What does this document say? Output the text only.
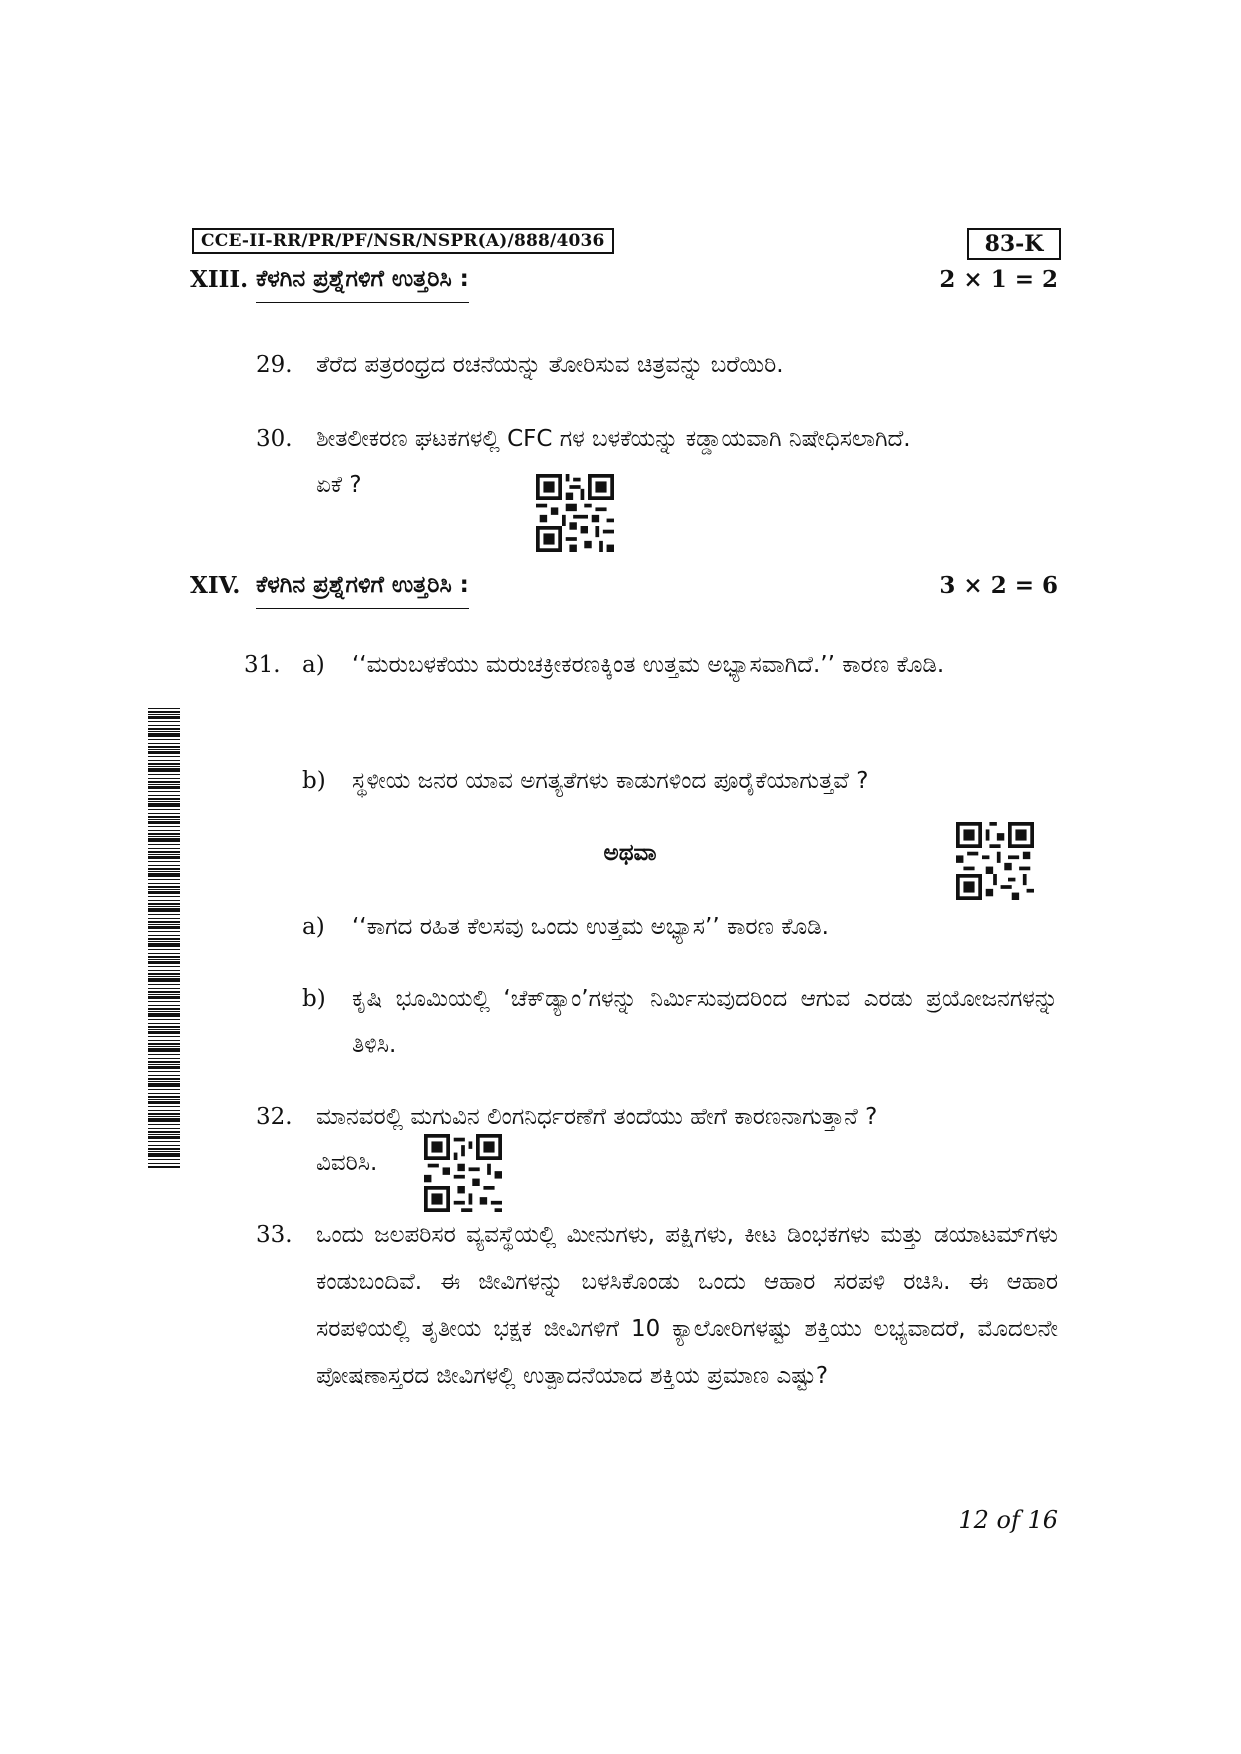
CCE-II-RR/PR/PF/NSR/NSPR(A)/888/4036	83-K
XIII. ಕೆಳಗಿನ ಪ್ರಶ್ನೆಗಳಿಗೆ ಉತ್ತರಿಸಿ :	2 × 1 = 2
29. ತೆರೆದ ಪತ್ರರಂಧ್ರದ ರಚನೆಯನ್ನು ತೋರಿಸುವ ಚಿತ್ರವನ್ನು ಬರೆಯಿರಿ.
30. ಶೀತಲೀಕರಣ ಘಟಕಗಳಲ್ಲಿ CFC ಗಳ ಬಳಕೆಯನ್ನು ಕಡ್ಡಾಯವಾಗಿ ನಿಷೇಧಿಸಲಾಗಿದೆ.
ಏಕೆ ?
XIV. ಕೆಳಗಿನ ಪ್ರಶ್ನೆಗಳಿಗೆ ಉತ್ತರಿಸಿ :	3 × 2 = 6
31. a) ‘‘ಮರುಬಳಕೆಯು ಮರುಚಕ್ರೀಕರಣಕ್ಕಿಂತ ಉತ್ತಮ ಅಭ್ಯಾಸವಾಗಿದೆ.’’ ಕಾರಣ ಕೊಡಿ.
b) ಸ್ಥಳೀಯ ಜನರ ಯಾವ ಅಗತ್ಯತೆಗಳು ಕಾಡುಗಳಿಂದ ಪೂರೈಕೆಯಾಗುತ್ತವೆ ?
ಅಥವಾ
a) ‘‘ಕಾಗದ ರಹಿತ ಕೆಲಸವು ಒಂದು ಉತ್ತಮ ಅಭ್ಯಾಸ’’ ಕಾರಣ ಕೊಡಿ.
b) ಕೃಷಿ ಭೂಮಿಯಲ್ಲಿ ‘ಚೆಕ್‌ಡ್ಯಾಂ’ಗಳನ್ನು ನಿರ್ಮಿಸುವುದರಿಂದ ಆಗುವ ಎರಡು ಪ್ರಯೋಜನಗಳನ್ನು ತಿಳಿಸಿ.
32. ಮಾನವರಲ್ಲಿ ಮಗುವಿನ ಲಿಂಗನಿರ್ಧರಣೆಗೆ ತಂದೆಯು ಹೇಗೆ ಕಾರಣನಾಗುತ್ತಾನೆ ?
ವಿವರಿಸಿ.
33. ಒಂದು ಜಲಪರಿಸರ ವ್ಯವಸ್ಥೆಯಲ್ಲಿ ಮೀನುಗಳು, ಪಕ್ಷಿಗಳು, ಕೀಟ ಡಿಂಭಕಗಳು ಮತ್ತು ಡಯಾಟಮ್‌ಗಳು ಕಂಡುಬಂದಿವೆ. ಈ ಜೀವಿಗಳನ್ನು ಬಳಸಿಕೊಂಡು ಒಂದು ಆಹಾರ ಸರಪಳಿ ರಚಿಸಿ. ಈ ಆಹಾರ ಸರಪಳಿಯಲ್ಲಿ ತೃತೀಯ ಭಕ್ಷಕ ಜೀವಿಗಳಿಗೆ 10 ಕ್ಯಾಲೋರಿಗಳಷ್ಟು ಶಕ್ತಿಯು ಲಭ್ಯವಾದರೆ, ಮೊದಲನೇ ಪೋಷಣಾಸ್ತರದ ಜೀವಿಗಳಲ್ಲಿ ಉತ್ಪಾದನೆಯಾದ ಶಕ್ತಿಯ ಪ್ರಮಾಣ ಎಷ್ಟು?
12 of 16
